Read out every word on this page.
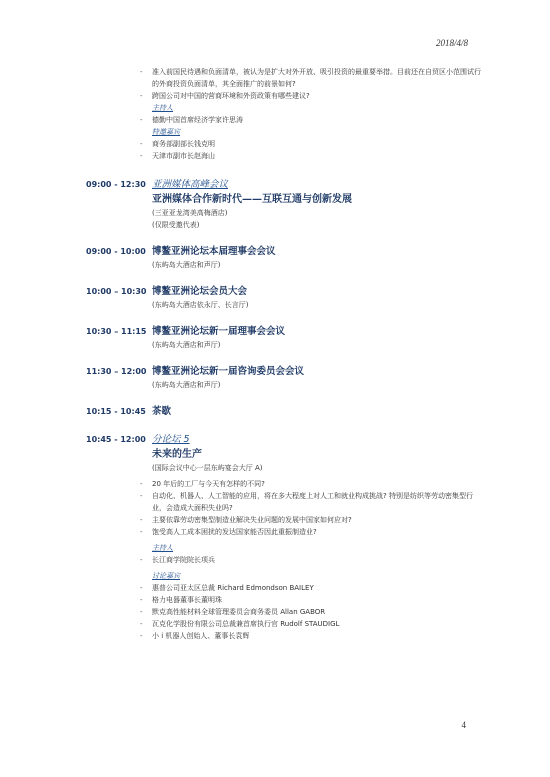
2018/4/8
- 准入前国民待遇和负面清单，被认为是扩大对外开放、吸引投资的最重要举措。目前还在自贸区小范围试行的外商投资负面清单，其全面推广的前景如何?
- 跨国公司对中国的营商环境和外资政策有哪些建议?
主持人
- 德勤中国首席经济学家许思涛
特邀嘉宾
- 商务部副部长钱克明
- 天津市副市长赵海山
09:00 - 12:30 亚洲媒体高峰会议
亚洲媒体合作新时代——互联互通与创新发展
(三亚亚龙湾美高梅酒店)
(仅限受邀代表)
09:00 - 10:00 博鳌亚洲论坛本届理事会会议
(东屿岛大酒店和声厅)
10:00 – 10:30 博鳌亚洲论坛会员大会
(东屿岛大酒店依永厅、长言厅)
10:30 – 11:15 博鳌亚洲论坛新一届理事会会议
(东屿岛大酒店和声厅)
11:30 – 12:00 博鳌亚洲论坛新一届咨询委员会会议
(东屿岛大酒店和声厅)
10:15 - 10:45 茶歇
10:45 - 12:00 分论坛 5
未来的生产
(国际会议中心一层东屿宴会大厅 A)
- 20 年后的工厂与今天有怎样的不同?
- 自动化、机器人、人工智能的应用，将在多大程度上对人工和就业构成挑战? 特别是纺织等劳动密集型行业，会造成大面积失业吗?
- 主要依靠劳动密集型制造业解决失业问题的发展中国家如何应对?
- 饱受高人工成本困扰的发达国家能否因此重振制造业?
主持人
- 长江商学院院长项兵
讨论嘉宾
- 惠普公司亚太区总裁 Richard Edmondson BAILEY
- 格力电器董事长董明珠
- 默克高性能材料全球管理委员会商务委员 Allan GABOR
- 瓦克化学股份有限公司总裁兼首席执行官 Rudolf STAUDIGL
- 小 i 机器人创始人、董事长袁辉
4
